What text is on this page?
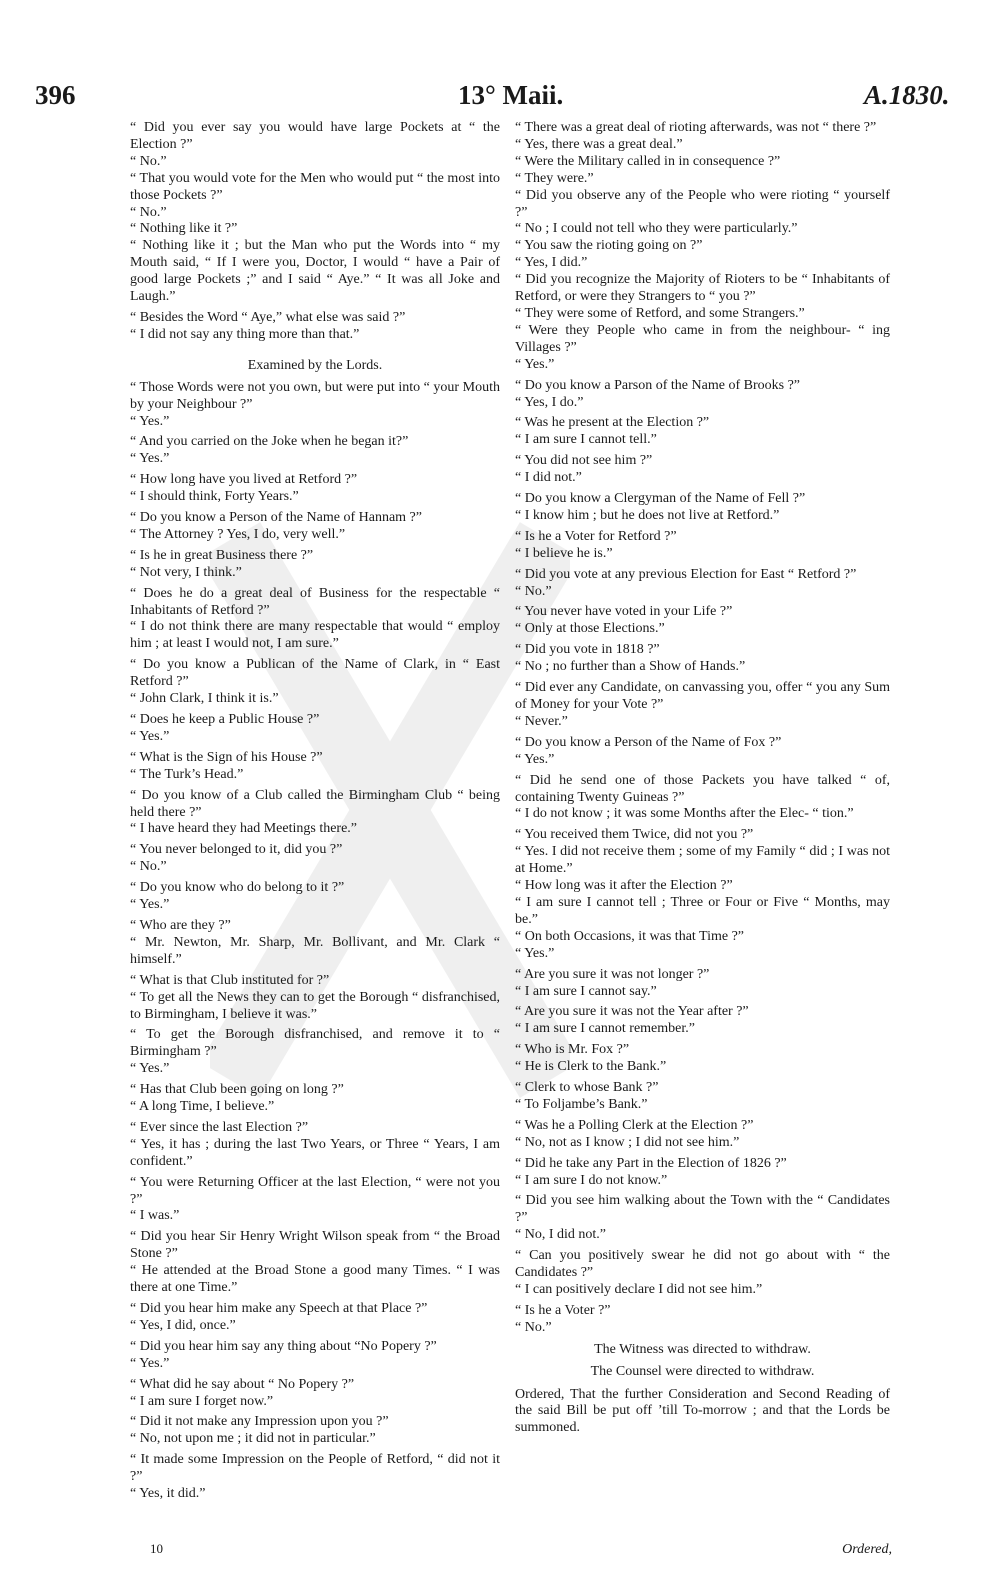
396	13° Maii.	A.1830.

“ Did you ever say you would have large Pockets at “ the Election ?”

“ No.”

“ That you would vote for the Men who would put “ the most into those Pockets ?”

“ No.”

“ Nothing like it ?”

“ Nothing like it ; but the Man who put the Words into “ my Mouth said, “ If I were you, Doctor, I would “ have a Pair of good large Pockets ;” and I said “ Aye.” “ It was all Joke and Laugh.”

“ Besides the Word “ Aye,” what else was said ?”

“ I did not say any thing more than that.”

Examined by the Lords.

“ Those Words were not you own, but were put into “ your Mouth by your Neighbour ?”

“ Yes.”

“ And you carried on the Joke when he began it?”

“ Yes.”

“ How long have you lived at Retford ?”

“ I should think, Forty Years.”

“ Do you know a Person of the Name of Hannam ?”

“ The Attorney ? Yes, I do, very well.”

“ Is he in great Business there ?”

“ Not very, I think.”

“ Does he do a great deal of Business for the respectable “ Inhabitants of Retford ?”

“ I do not think there are many respectable that would “ employ him ; at least I would not, I am sure.”

“ Do you know a Publican of the Name of Clark, in “ East Retford ?”

“ John Clark, I think it is.”

“ Does he keep a Public House ?”

“ Yes.”

“ What is the Sign of his House ?”

“ The Turk’s Head.”

“ Do you know of a Club called the Birmingham Club “ being held there ?”

“ I have heard they had Meetings there.”

“ You never belonged to it, did you ?”

“ No.”

“ Do you know who do belong to it ?”

“ Yes.”

“ Who are they ?”

“ Mr. Newton, Mr. Sharp, Mr. Bollivant, and Mr. Clark “ himself.”

“ What is that Club instituted for ?”

“ To get all the News they can to get the Borough “ disfranchised, to Birmingham, I believe it was.”

“ To get the Borough disfranchised, and remove it to “ Birmingham ?”

“ Yes.”

“ Has that Club been going on long ?”

“ A long Time, I believe.”

“ Ever since the last Election ?”

“ Yes, it has ; during the last Two Years, or Three “ Years, I am confident.”

“ You were Returning Officer at the last Election, “ were not you ?”

“ I was.”

“ Did you hear Sir Henry Wright Wilson speak from “ the Broad Stone ?”

“ He attended at the Broad Stone a good many Times. “ I was there at one Time.”

“ Did you hear him make any Speech at that Place ?”

“ Yes, I did, once.”

“ Did you hear him say any thing about “No Popery ?”

“ Yes.”

“ What did he say about “ No Popery ?”

“ I am sure I forget now.”

“ Did it not make any Impression upon you ?”

“ No, not upon me ; it did not in particular.”

“ It made some Impression on the People of Retford, “ did not it ?”

“ Yes, it did.”

“ There was a great deal of rioting afterwards, was not “ there ?”

“ Yes, there was a great deal.”

“ Were the Military called in in consequence ?”

“ They were.”

“ Did you observe any of the People who were rioting “ yourself ?”

“ No ; I could not tell who they were particularly.”

“ You saw the rioting going on ?”

“ Yes, I did.”

“ Did you recognize the Majority of Rioters to be “ Inhabitants of Retford, or were they Strangers to “ you ?”

“ They were some of Retford, and some Strangers.”

“ Were they People who came in from the neighbour- “ ing Villages ?”

“ Yes.”

“ Do you know a Parson of the Name of Brooks ?”

“ Yes, I do.”

“ Was he present at the Election ?”

“ I am sure I cannot tell.”

“ You did not see him ?”

“ I did not.”

“ Do you know a Clergyman of the Name of Fell ?”

“ I know him ; but he does not live at Retford.”

“ Is he a Voter for Retford ?”

“ I believe he is.”

“ Did you vote at any previous Election for East “ Retford ?”

“ No.”

“ You never have voted in your Life ?”

“ Only at those Elections.”

“ Did you vote in 1818 ?”

“ No ; no further than a Show of Hands.”

“ Did ever any Candidate, on canvassing you, offer “ you any Sum of Money for your Vote ?”

“ Never.”

“ Do you know a Person of the Name of Fox ?”

“ Yes.”

“ Did he send one of those Packets you have talked “ of, containing Twenty Guineas ?”

“ I do not know ; it was some Months after the Elec- “ tion.”

“ You received them Twice, did not you ?”

“ Yes. I did not receive them ; some of my Family “ did ; I was not at Home.”

“ How long was it after the Election ?”

“ I am sure I cannot tell ; Three or Four or Five “ Months, may be.”

“ On both Occasions, it was that Time ?”

“ Yes.”

“ Are you sure it was not longer ?”

“ I am sure I cannot say.”

“ Are you sure it was not the Year after ?”

“ I am sure I cannot remember.”

“ Who is Mr. Fox ?”

“ He is Clerk to the Bank.”

“ Clerk to whose Bank ?”

“ To Foljambe’s Bank.”

“ Was he a Polling Clerk at the Election ?”

“ No, not as I know ; I did not see him.”

“ Did he take any Part in the Election of 1826 ?”

“ I am sure I do not know.”

“ Did you see him walking about the Town with the “ Candidates ?”

“ No, I did not.”

“ Can you positively swear he did not go about with “ the Candidates ?”

“ I can positively declare I did not see him.”

“ Is he a Voter ?”

“ No.”

The Witness was directed to withdraw.

The Counsel were directed to withdraw.

Ordered, That the further Consideration and Second Reading of the said Bill be put off ’till To-morrow ; and that the Lords be summoned.

10	Ordered,
